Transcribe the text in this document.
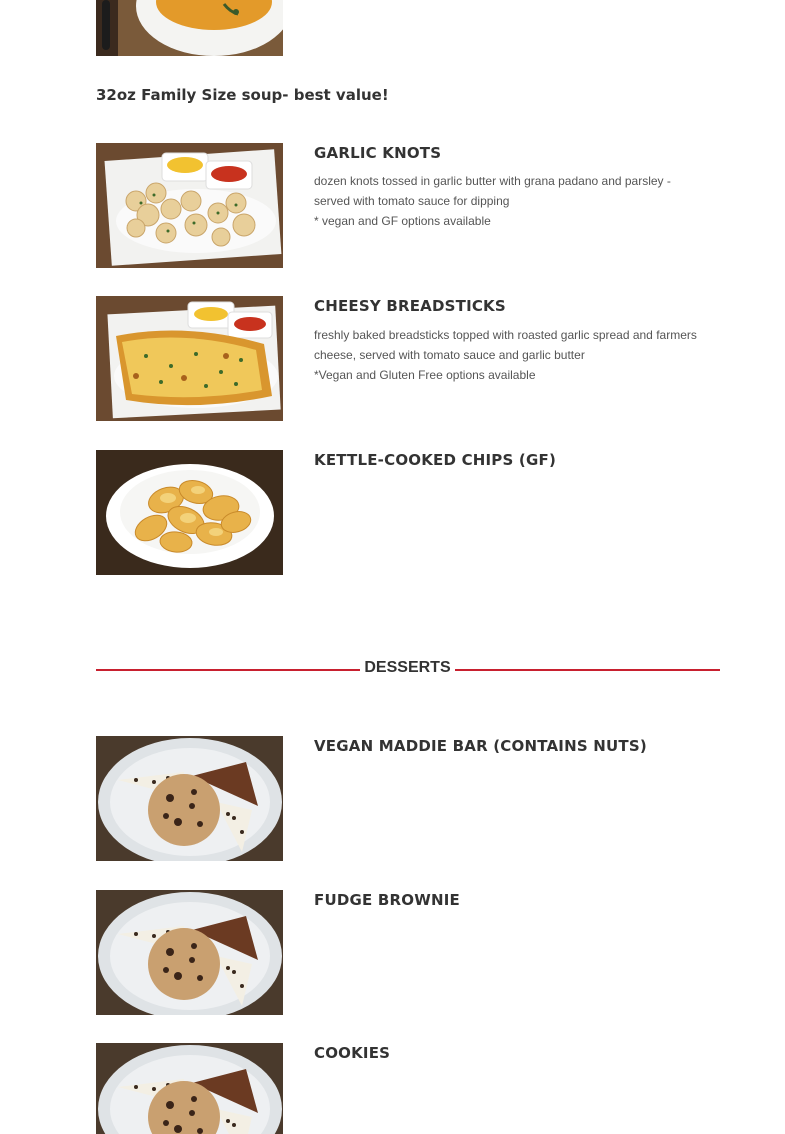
32oz Family Size soup- best value!
GARLIC KNOTS
dozen knots tossed in garlic butter with grana padano and parsley -
served with tomato sauce for dipping
* vegan and GF options available
CHEESY BREADSTICKS
freshly baked breadsticks topped with roasted garlic spread and farmers
cheese, served with tomato sauce and garlic butter
*Vegan and Gluten Free options available
KETTLE-COOKED CHIPS (GF)
DESSERTS
VEGAN MADDIE BAR (CONTAINS NUTS)
FUDGE BROWNIE
COOKIES
